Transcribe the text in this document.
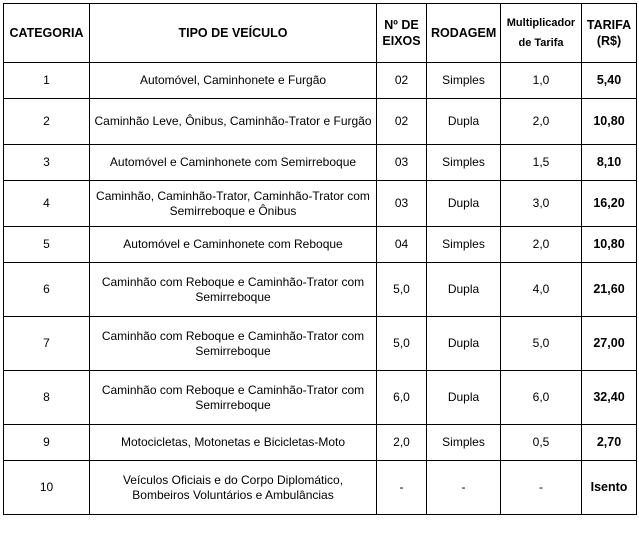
CATEGORIA	TIPO DE VEÍCULO	Nº DE EIXOS	RODAGEM	Multiplicador de Tarifa	TARIFA (R$)
1	Automóvel, Caminhonete e Furgão	02	Simples	1,0	5,40
2	Caminhão Leve, Ônibus, Caminhão-Trator e Furgão	02	Dupla	2,0	10,80
3	Automóvel e Caminhonete com Semirreboque	03	Simples	1,5	8,10
4	Caminhão, Caminhão-Trator, Caminhão-Trator com Semirreboque e Ônibus	03	Dupla	3,0	16,20
5	Automóvel e Caminhonete com Reboque	04	Simples	2,0	10,80
6	Caminhão com Reboque e Caminhão-Trator com Semirreboque	5,0	Dupla	4,0	21,60
7	Caminhão com Reboque e Caminhão-Trator com Semirreboque	5,0	Dupla	5,0	27,00
8	Caminhão com Reboque e Caminhão-Trator com Semirreboque	6,0	Dupla	6,0	32,40
9	Motocicletas, Motonetas e Bicicletas-Moto	2,0	Simples	0,5	2,70
10	Veículos Oficiais e do Corpo Diplomático, Bombeiros Voluntários e Ambulâncias	-	-	-	Isento
